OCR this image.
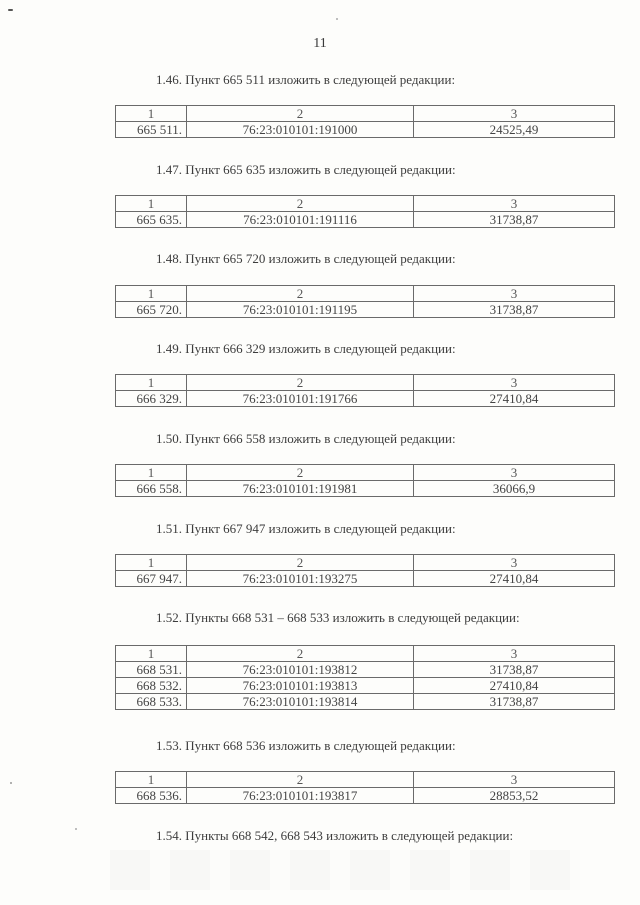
11
1.46. Пункт 665 511 изложить в следующей редакции:
1	2	3
665 511.	76:23:010101:191000	24525,49
1.47. Пункт 665 635 изложить в следующей редакции:
1	2	3
665 635.	76:23:010101:191116	31738,87
1.48. Пункт 665 720 изложить в следующей редакции:
1	2	3
665 720.	76:23:010101:191195	31738,87
1.49. Пункт 666 329 изложить в следующей редакции:
1	2	3
666 329.	76:23:010101:191766	27410,84
1.50. Пункт 666 558 изложить в следующей редакции:
1	2	3
666 558.	76:23:010101:191981	36066,9
1.51. Пункт 667 947 изложить в следующей редакции:
1	2	3
667 947.	76:23:010101:193275	27410,84
1.52. Пункты 668 531 – 668 533 изложить в следующей редакции:
1	2	3
668 531.	76:23:010101:193812	31738,87
668 532.	76:23:010101:193813	27410,84
668 533.	76:23:010101:193814	31738,87
1.53. Пункт 668 536 изложить в следующей редакции:
1	2	3
668 536.	76:23:010101:193817	28853,52
1.54. Пункты 668 542, 668 543 изложить в следующей редакции:
